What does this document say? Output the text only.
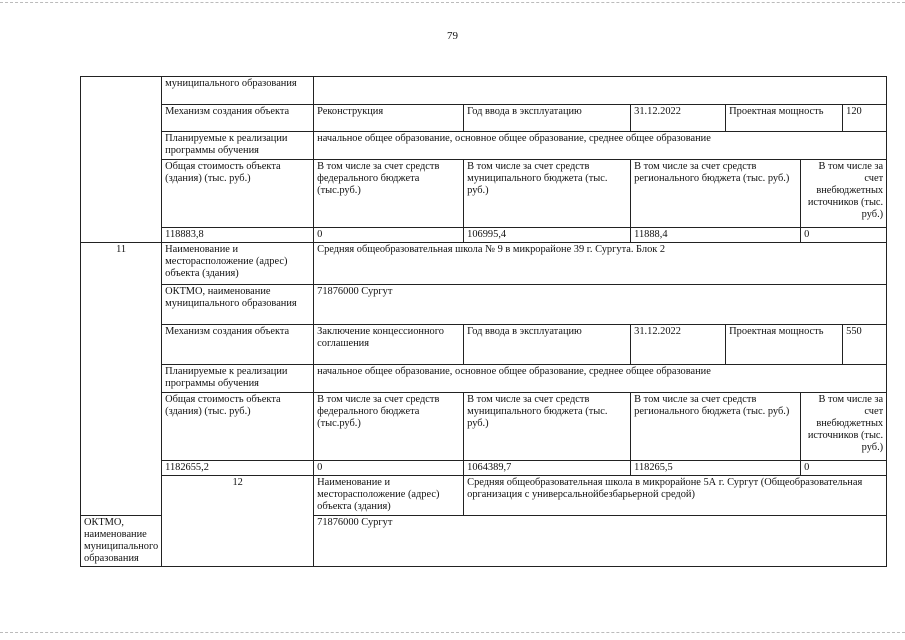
79
	муниципального образования						
	Механизм создания объекта	Реконструкция	Год ввода в эксплуатацию	31.12.2022	Проектная мощность		120
	Планируемые к реализации программы обучения	начальное общее образование, основное общее образование, среднее общее образование					
	Общая стоимость объекта (здания) (тыс. руб.)	В том числе за счет средств федерального бюджета (тыс.руб.)	В том числе за счет средств муниципального бюджета (тыс. руб.)	В том числе за счет средств регионального бюджета (тыс. руб.)		В том числе за счет внебюджетных источников (тыс. руб.)	
	118883,8	0	106995,4	11888,4		0	
11	Наименование и месторасположение (адрес) объекта (здания)	Средняя общеобразовательная школа № 9 в микрорайоне 39 г. Сургута. Блок 2					
	ОКТМО, наименование муниципального образования	71876000 Сургут					
	Механизм создания объекта	Заключение концессионного соглашения	Год ввода в эксплуатацию	31.12.2022	Проектная мощность		550
	Планируемые к реализации программы обучения	начальное общее образование, основное общее образование, среднее общее образование					
	Общая стоимость объекта (здания) (тыс. руб.)	В том числе за счет средств федерального бюджета (тыс.руб.)	В том числе за счет средств муниципального бюджета (тыс. руб.)	В том числе за счет средств регионального бюджета (тыс. руб.)		В том числе за счет внебюджетных источников (тыс. руб.)	
	1182655,2	0	1064389,7	118265,5		0	
	12	Наименование и месторасположение (адрес) объекта (здания)	Средняя общеобразовательная школа в микрорайоне 5А г. Сургут (Общеобразовательная организация с универсальнойбезбарьерной средой)				
ОКТМО, наименование муниципального образования		71876000 Сургут					
